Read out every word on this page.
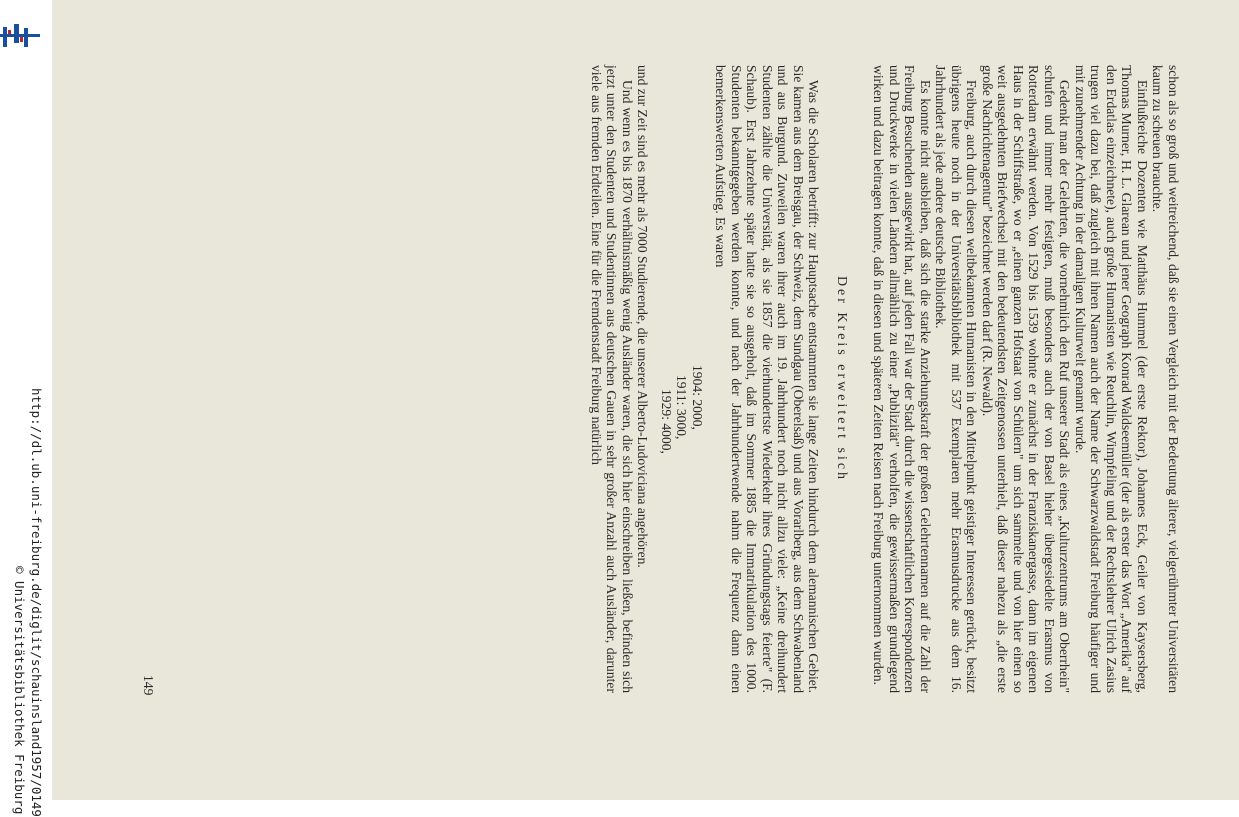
http://dl.ub.uni-freiburg.de/diglit/schauinsland1957/0149
© Universitätsbibliothek Freiburg	schon als so groß und weitreichend, daß sie einen Vergleich mit der Bedeutung älterer, vielgerühmter Universitäten kaum zu scheuen brauchte.

Einflußreiche Dozenten wie Matthäus Hummel (der erste Rektor), Johannes Eck, Geiler von Kaysersberg, Thomas Murner, H. L. Glarean und jener Geograph Konrad Waldseemüller (der als erster das Wort „Amerika" auf den Erdatlas einzeichnete), auch große Humanisten wie Reuchlin, Wimpfeling und der Rechtslehrer Ulrich Zasius trugen viel dazu bei, daß zugleich mit ihren Namen auch der Name der Schwarzwaldstadt Freiburg häufiger und mit zunehmender Achtung in der damaligen Kulturwelt genannt wurde.

Gedenkt man der Gelehrten, die vornehmlich den Ruf unserer Stadt als eines „Kulturzentrums am Oberrhein" schufen und immer mehr festigten, muß besonders auch der von Basel hieher übergesiedelte Erasmus von Rotterdam erwähnt werden. Von 1529 bis 1539 wohnte er zunächst in der Franziskanergasse, dann im eigenen Haus in der Schiffstraße, wo er „einen ganzen Hofstaat von Schülern" um sich sammelte und von hier einen so weit ausgedehnten Briefwechsel mit den bedeutendsten Zeitgenossen unterhielt, daß dieser nahezu als „die erste große Nachrichtenagentur" bezeichnet werden darf (R. Newald).

Freiburg, auch durch diesen weltbekannten Humanisten in den Mittelpunkt geistiger Interessen gerückt, besitzt übrigens heute noch in der Universitätsbibliothek mit 537 Exemplaren mehr Erasmusdrucke aus dem 16. Jahrhundert als jede andere deutsche Bibliothek.

Es konnte nicht ausbleiben, daß sich die starke Anziehungskraft der großen Gelehrtennamen auf die Zahl der Freiburg Besuchenden ausgewirkt hat, auf jeden Fall war der Stadt durch die wissenschaftlichen Korrespondenzen und Druckwerke in vielen Ländern allmählich zu einer „Publizität" verholfen, die gewissermaßen grundlegend wirken und dazu beitragen konnte, daß in diesen und späteren Zeiten Reisen nach Freiburg unternommen wurden.

Der Kreis erweitert sich

Was die Scholaren betrifft: zur Hauptsache entstammten sie lange Zeiten hindurch dem alemannischen Gebiet. Sie kamen aus dem Breisgau, der Schweiz, dem Sundgau (Oberelsaß) und aus Vorarlberg, aus dem Schwabenland und aus Burgund. Zuweilen waren ihrer auch im 19. Jahrhundert noch nicht allzu viele: „Keine dreihundert Studenten zählte die Universität, als sie 1857 die vierhundertste Wiederkehr ihres Gründungstags feierte" (F. Schaub). Erst Jahrzehnte später hatte sie so ausgeholt, daß im Sommer 1885 die Immatrikulation des 1000. Studenten bekanntgegeben werden konnte, und nach der Jahrhundertwende nahm die Frequenz dann einen bemerkenswerten Aufstieg. Es waren

1904: 2000,
1911: 3000,
1929: 4000,

und zur Zeit sind es mehr als 7000 Studierende, die unserer Alberto-Ludoviciana angehören.

Und wenn es bis 1870 verhältnismäßig wenig Ausländer waren, die sich hier einschreiben ließen, befinden sich jetzt unter den Studenten und Studentinnen aus deutschen Gauen in sehr großer Anzahl auch Ausländer, darunter viele aus fremden Erdteilen. Eine für die Fremdenstadt Freiburg natürlich

149
